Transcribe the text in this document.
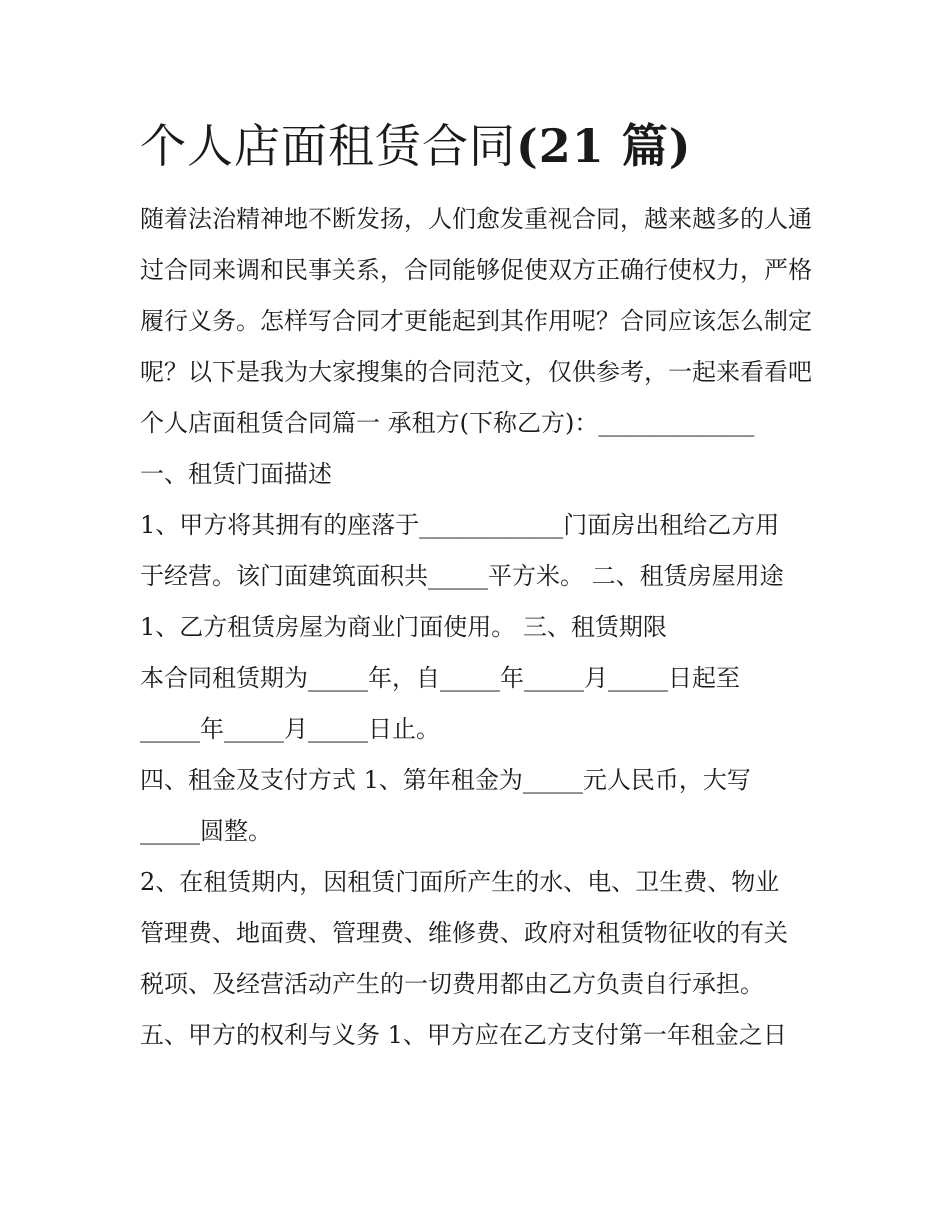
个人店面租赁合同(21 篇)

随着法治精神地不断发扬，人们愈发重视合同，越来越多的人通过合同来调和民事关系，合同能够促使双方正确行使权力，严格履行义务。怎样写合同才更能起到其作用呢？合同应该怎么制定呢？以下是我为大家搜集的合同范文，仅供参考，一起来看看吧

个人店面租赁合同篇一 承租方(下称乙方)：_____________

一、租赁门面描述

1、甲方将其拥有的座落于____________门面房出租给乙方用

于经营。该门面建筑面积共_____平方米。 二、租赁房屋用途

1、乙方租赁房屋为商业门面使用。 三、租赁期限

本合同租赁期为_____年，自_____年_____月_____日起至

_____年_____月_____日止。

四、租金及支付方式 1、第年租金为_____元人民币，大写

_____圆整。

2、在租赁期内，因租赁门面所产生的水、电、卫生费、物业

管理费、地面费、管理费、维修费、政府对租赁物征收的有关

税项、及经营活动产生的一切费用都由乙方负责自行承担。

五、甲方的权利与义务 1、甲方应在乙方支付第一年租金之日
